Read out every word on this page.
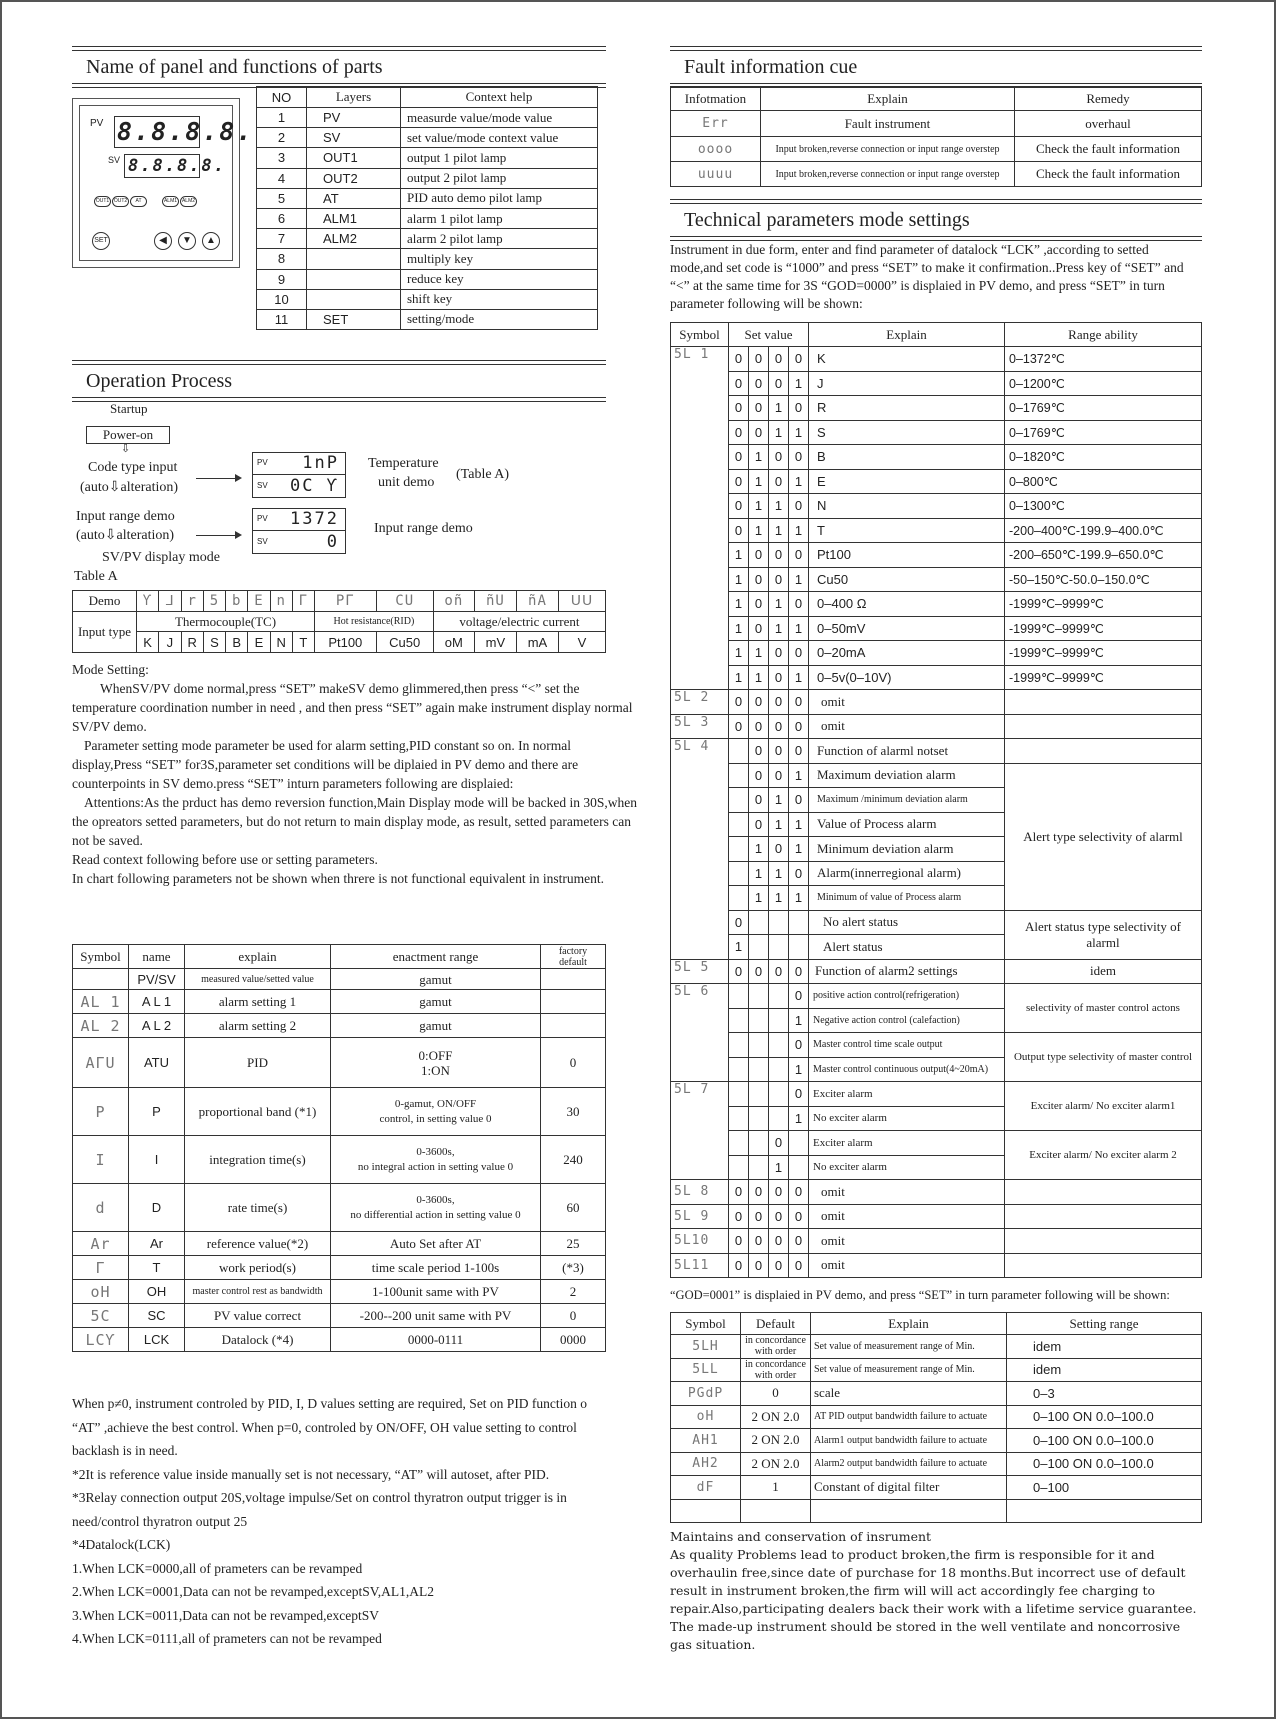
Name of panel and functions of parts
PV 8.8.8.8.
SV 8.8.8.8.
OUT1 OUT2 AT	ALM1 ALM2
SET	◀	▼	▲
NO	Layers	Context help
1	PV	measurde value/mode value
2	SV	set value/mode context value
3	OUT1	output 1 pilot lamp
4	OUT2	output 2 pilot lamp
5	AT	PID auto demo pilot lamp
6	ALM1	alarm 1 pilot lamp
7	ALM2	alarm 2 pilot lamp
8		multiply key
9		reduce key
10		shift key
11	SET	setting/mode
Operation Process
Startup
Power-on
⇩
Code type input
(auto⇩alteration)
PV 1nP
SV 0C Ƴ
Temperature
unit demo
(Table A)
Input range demo
(auto⇩alteration)
PV 1372
SV	0
Input range demo
SV/PV display mode
Table A
Demo	Ƴ	ᒧ	r	5	b	E	n	Γ	PΓ	CU	oñ	ñU	ñA	ᑌᑌ
Input type	Thermocouple(TC)								Hot resistance(RID)		voltage/electric current			
	K	J	R	S	B	E	N	T	Pt100	Cu50	oM	mV	mA	V

Mode Setting:

WhenSV/PV dome normal,press “SET” makeSV demo glimmered,then press “<” set the temperature coordination number in need , and then press “SET” again make instrument display normal SV/PV demo.

Parameter setting mode parameter be used for alarm setting,PID constant so on. In normal display,Press “SET” for3S,parameter set conditions will be diplaied in PV demo and there are counterpoints in SV demo.press “SET” inturn parameters following are displaied:

Attentions:As the prduct has demo reversion function,Main Display mode will be backed in 30S,when the opreators setted parameters, but do not return to main display mode, as result, setted parameters can not be saved.

Read context following before use or setting parameters.

In chart following parameters not be shown when threre is not functional equivalent in instrument.

Symbol	name	explain	enactment range	factory default
	PV/SV	measured value/setted value	gamut	
AL 1	A L 1	alarm setting 1	gamut	
AL 2	A L 2	alarm setting 2	gamut	
AΓU	ATU	PID	0:OFF
1:ON	0
P	P	proportional band (*1)	0-gamut, ON/OFF
control, in setting value 0	30
I	I	integration time(s)	0-3600s,
no integral action in setting value 0	240
d	D	rate time(s)	0-3600s,
no differential action in setting value 0	60
Ar	Ar	reference value(*2)	Auto Set after AT	25
Γ	T	work period(s)	time scale period 1-100s	(*3)
oH	OH	master control rest as bandwidth	1-100unit same with PV	2
5C	SC	PV value correct	-200--200 unit same with PV	0
LCƳ	LCK	Datalock (*4)	0000-0111	0000

When p≠0, instrument controled by PID, I, D values setting are required, Set on PID function o “AT” ,achieve the best control. When p=0, controled by ON/OFF, OH value setting to control backlash is in need.

*2It is reference value inside manually set is not necessary, “AT” will autoset, after PID.

*3Relay connection output 20S,voltage impulse/Set on control thyratron output trigger is in need/control thyratron output 25

*4Datalock(LCK)

1.When LCK=0000,all of prameters can be revamped

2.When LCK=0001,Data can not be revamped,exceptSV,AL1,AL2

3.When LCK=0011,Data can not be revamped,exceptSV

4.When LCK=0111,all of prameters can not be revamped

Fault information cue
Infotmation	Explain	Remedy
Err	Fault instrument	overhaul
oooo	Input broken,reverse connection or input range overstep	Check the fault information
uuuu	Input broken,reverse connection or input range overstep	Check the fault information
Technical parameters mode settings

Instrument in due form, enter and find parameter of datalock “LCK” ,according to setted mode,and set code is “1000” and press “SET” to make it confirmation..Press key of “SET” and “<” at the same time for 3S “GOD=0000” is displaied in PV demo, and press “SET” in turn parameter following will be shown:

Symbol	Set value				Explain	Range ability
5L 1	0	0	0	0	K	0–1372℃
	0	0	0	1	J	0–1200℃
	0	0	1	0	R	0–1769℃
	0	0	1	1	S	0–1769℃
	0	1	0	0	B	0–1820℃
	0	1	0	1	E	0–800℃
	0	1	1	0	N	0–1300℃
	0	1	1	1	T	-200–400℃-199.9–400.0℃
	1	0	0	0	Pt100	-200–650℃-199.9–650.0℃
	1	0	0	1	Cu50	-50–150℃-50.0–150.0℃
	1	0	1	0	0–400 Ω	-1999℃–9999℃
	1	0	1	1	0–50mV	-1999℃–9999℃
	1	1	0	0	0–20mA	-1999℃–9999℃
	1	1	0	1	0–5v(0–10V)	-1999℃–9999℃
5L 2	0	0	0	0	omit	
5L 3	0	0	0	0	omit	
5L 4		0	0	0	Function of alarml notset	
		0	0	1	Maximum deviation alarm	Alert type selectivity of alarml
		0	1	0	Maximum /minimum deviation alarm	
		0	1	1	Value of Process alarm	
		1	0	1	Minimum deviation alarm	
		1	1	0	Alarm(innerregional alarm)	
		1	1	1	Minimum of value of Process alarm	
	0				No alert status	Alert status type selectivity of alarml
	1				Alert status	
5L 5	0	0	0	0	Function of alarm2 settings	idem
5L 6				0	positive action control(refrigeration)	selectivity of master control actons
				1	Negative action control (calefaction)	
				0	Master control time scale output	Output type selectivity of master control
				1	Master control continuous output(4~20mA)	
5L 7				0	Exciter alarm	Exciter alarm/ No exciter alarm1
				1	No exciter alarm	
			0		Exciter alarm	Exciter alarm/ No exciter alarm 2
			1		No exciter alarm	
5L 8	0	0	0	0	omit	
5L 9	0	0	0	0	omit	
5L10	0	0	0	0	omit	
5L11	0	0	0	0	omit	

“GOD=0001” is displaied in PV demo, and press “SET” in turn parameter following will be shown:

Symbol	Default	Explain	Setting range
5LH	in concordance with order	Set value of measurement range of Min.	idem
5LL	in concordance with order	Set value of measurement range of Min.	idem
PGdP	0	scale	0–3
oH	2 ON 2.0	AT PID output bandwidth failure to actuate	0–100 ON 0.0–100.0
AH1	2 ON 2.0	Alarm1 output bandwidth failure to actuate	0–100 ON 0.0–100.0
AH2	2 ON 2.0	Alarm2 output bandwidth failure to actuate	0–100 ON 0.0–100.0
dF	1	Constant of digital filter	0–100

Maintains and conservation of insrument

As quality Problems lead to product broken,the firm is responsible for it and overhaulin free,since date of purchase for 18 months.But incorrect use of default result in instrument broken,the firm will will act accordingly fee charging to repair.Also,participating dealers back their work with a lifetime service guarantee.

The made-up instrument should be stored in the well ventilate and noncorrosive gas situation.
